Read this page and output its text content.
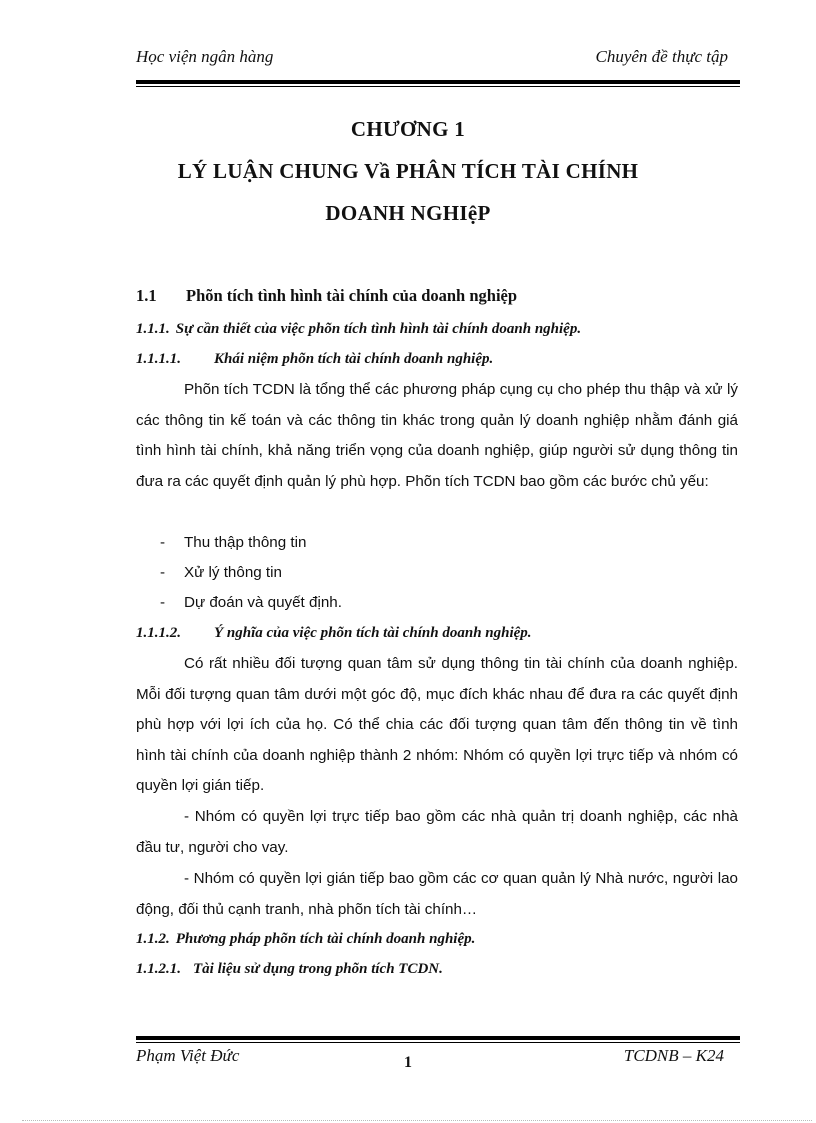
Học viện ngân hàng	Chuyên đề thực tập
CHƯƠNG 1
LÝ LUẬN CHUNG Vầ PHÂN TÍCH TÀI CHÍNH
DOANH NGHIệP
1.1 Phõn tích tình hình tài chính của doanh nghiệp
1.1.1. Sự cần thiết của việc phõn tích tình hình tài chính doanh nghiệp.
1.1.1.1. Khái niệm phõn tích tài chính doanh nghiệp.
Phõn tích TCDN là tổng thể các phương pháp cụng cụ cho phép thu thập và xử lý các thông tin kế toán và các thông tin khác trong quản lý doanh nghiệp nhằm đánh giá tình hình tài chính, khả năng triển vọng của doanh nghiệp, giúp người sử dụng thông tin đưa ra các quyết định quản lý phù hợp. Phõn tích TCDN bao gồm các bước chủ yếu:
- Thu thập thông tin
- Xử lý thông tin
- Dự đoán và quyết định.
1.1.1.2. Ý nghĩa của việc phõn tích tài chính doanh nghiệp.
Có rất nhiều đối tượng quan tâm sử dụng thông tin tài chính của doanh nghiệp. Mỗi đối tượng quan tâm dưới một góc độ, mục đích khác nhau để đưa ra các quyết định phù hợp với lợi ích của họ. Có thể chia các đối tượng quan tâm đến thông tin về tình hình tài chính của doanh nghiệp thành 2 nhóm: Nhóm có quyền lợi trực tiếp và nhóm có quyền lợi gián tiếp.
- Nhóm có quyền lợi trực tiếp bao gồm các nhà quản trị doanh nghiệp, các nhà đầu tư, người cho vay.
- Nhóm có quyền lợi gián tiếp bao gồm các cơ quan quản lý Nhà nước, người lao động, đối thủ cạnh tranh, nhà phõn tích tài chính…
1.1.2. Phương pháp phõn tích tài chính doanh nghiệp.
1.1.2.1. Tài liệu sử dụng trong phõn tích TCDN.
Phạm Việt Đức	1	TCDNB – K24
